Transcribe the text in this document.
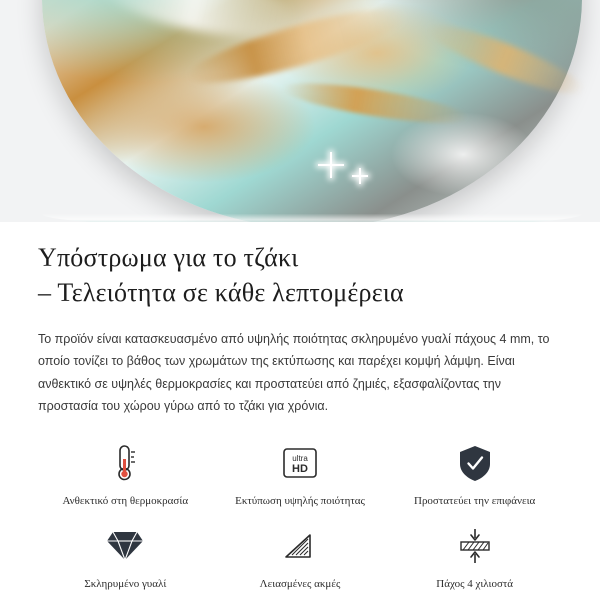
Υπόστρωμα για το τζάκι
– Τελειότητα σε κάθε λεπτομέρεια

Το προϊόν είναι κατασκευασμένο από υψηλής ποιότητας σκληρυμένο γυαλί πάχους 4 mm, το οποίο τονίζει το βάθος των χρωμάτων της εκτύπωσης και παρέχει κομψή λάμψη. Είναι ανθεκτικό σε υψηλές θερμοκρασίες και προστατεύει από ζημιές, εξασφαλίζοντας την προστασία του χώρου γύρω από το τζάκι για χρόνια.

Ανθεκτικό στη θερμοκρασία
ultra
HD
Εκτύπωση υψηλής ποιότητας	Προστατεύει την επιφάνεια
Σκληρυμένο γυαλί	Λειασμένες ακμές	Πάχος 4 χιλιοστά
